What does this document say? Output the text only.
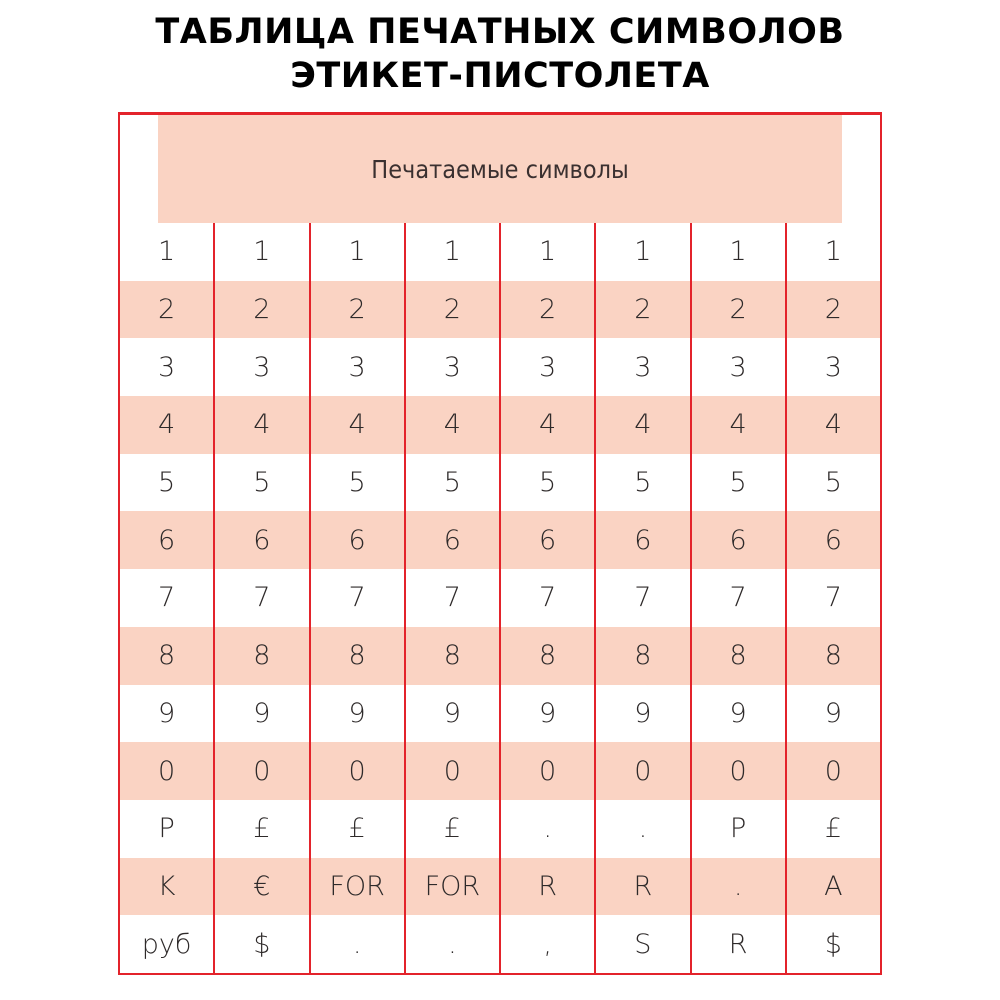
ТАБЛИЦА ПЕЧАТНЫХ СИМВОЛОВ
ЭТИКЕТ-ПИСТОЛЕТА
Печатаемые символы
1	1	1	1	1	1	1	1
2	2	2	2	2	2	2	2
3	3	3	3	3	3	3	3
4	4	4	4	4	4	4	4
5	5	5	5	5	5	5	5
6	6	6	6	6	6	6	6
7	7	7	7	7	7	7	7
8	8	8	8	8	8	8	8
9	9	9	9	9	9	9	9
0	0	0	0	0	0	0	0
P	£	£	£	.	.	P	£
K	€	FOR	FOR	R	R	.	A
руб	$	.	.	,	S	R	$
